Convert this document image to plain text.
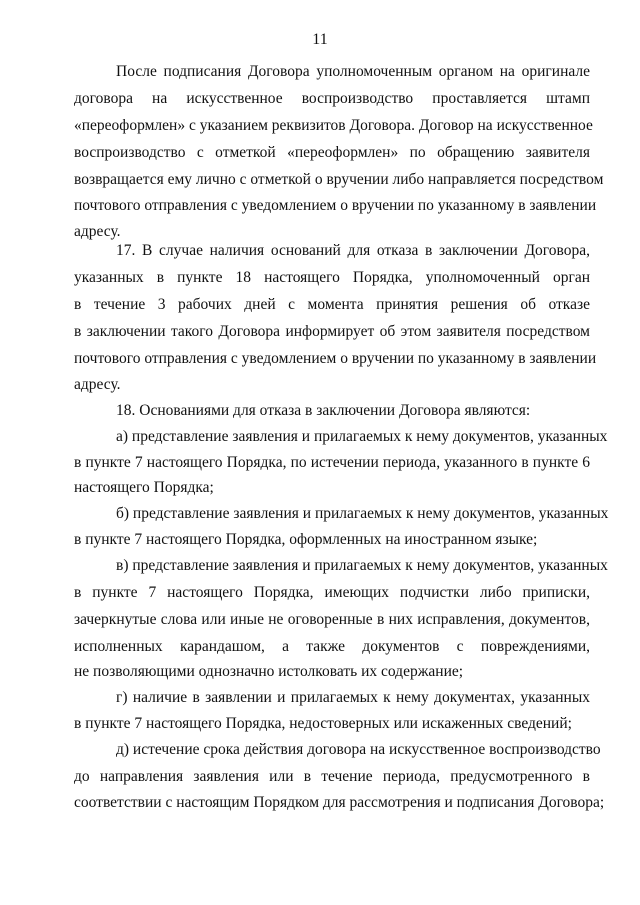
11
После подписания Договора уполномоченным органом на оригинале
договора на искусственное воспроизводство проставляется штамп
«переоформлен» с указанием реквизитов Договора. Договор на искусственное
воспроизводство с отметкой «переоформлен» по обращению заявителя
возвращается ему лично с отметкой о вручении либо направляется посредством
почтового отправления с уведомлением о вручении по указанному в заявлении
адресу.
17. В случае наличия оснований для отказа в заключении Договора,
указанных в пункте 18 настоящего Порядка, уполномоченный орган
в течение 3 рабочих дней с момента принятия решения об отказе
в заключении такого Договора информирует об этом заявителя посредством
почтового отправления с уведомлением о вручении по указанному в заявлении
адресу.
18. Основаниями для отказа в заключении Договора являются:
а) представление заявления и прилагаемых к нему документов, указанных
в пункте 7 настоящего Порядка, по истечении периода, указанного в пункте 6
настоящего Порядка;
б) представление заявления и прилагаемых к нему документов, указанных
в пункте 7 настоящего Порядка, оформленных на иностранном языке;
в) представление заявления и прилагаемых к нему документов, указанных
в пункте 7 настоящего Порядка, имеющих подчистки либо приписки,
зачеркнутые слова или иные не оговоренные в них исправления, документов,
исполненных карандашом, а также документов с повреждениями,
не позволяющими однозначно истолковать их содержание;
г) наличие в заявлении и прилагаемых к нему документах, указанных
в пункте 7 настоящего Порядка, недостоверных или искаженных сведений;
д) истечение срока действия договора на искусственное воспроизводство
до направления заявления или в течение периода, предусмотренного в
соответствии с настоящим Порядком для рассмотрения и подписания Договора;
